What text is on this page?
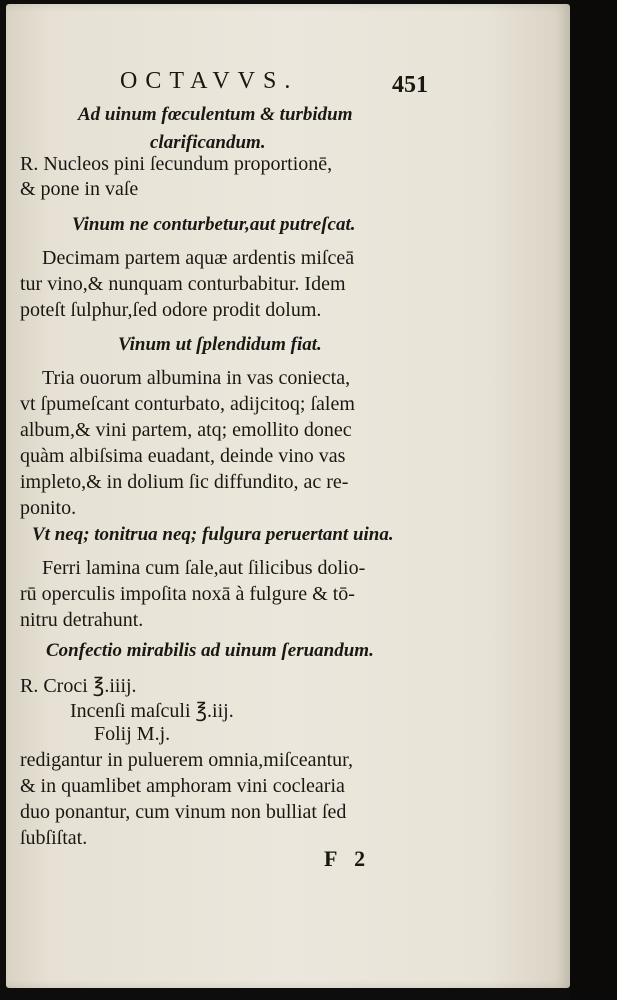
OCTAVVS.	451
Ad uinum fœculentum & turbidum
clarificandum.
R. Nucleos pini ſecundum proportionē,
& pone in vaſe
Vinum ne conturbetur,aut putreſcat.
Decimam partem aquæ ardentis miſceā
tur vino,& nunquam conturbabitur. Idem
poteſt ſulphur,ſed odore prodit dolum.
Vinum ut ſplendidum fiat.
Tria ouorum albumina in vas coniecta,
vt ſpumeſcant conturbato, adijcitoq; ſalem
album,& vini partem, atq; emollito donec
quàm albiſsima euadant, deinde vino vas
impleto,& in dolium ſic diffundito, ac re-
ponito.
Vt neq; tonitrua neq; fulgura peruertant uina.
Ferri lamina cum ſale,aut ſilicibus dolio-
rū operculis impoſita noxā à fulgure & tō-
nitru detrahunt.
Confectio mirabilis ad uinum ſeruandum.
R. Croci ℥.iiij.
Incenſi maſculi ℥.iij.
Folij M.j.
redigantur in puluerem omnia,miſceantur,
& in quamlibet amphoram vini coclearia
duo ponantur, cum vinum non bulliat ſed
ſubſiſtat.
F 2
